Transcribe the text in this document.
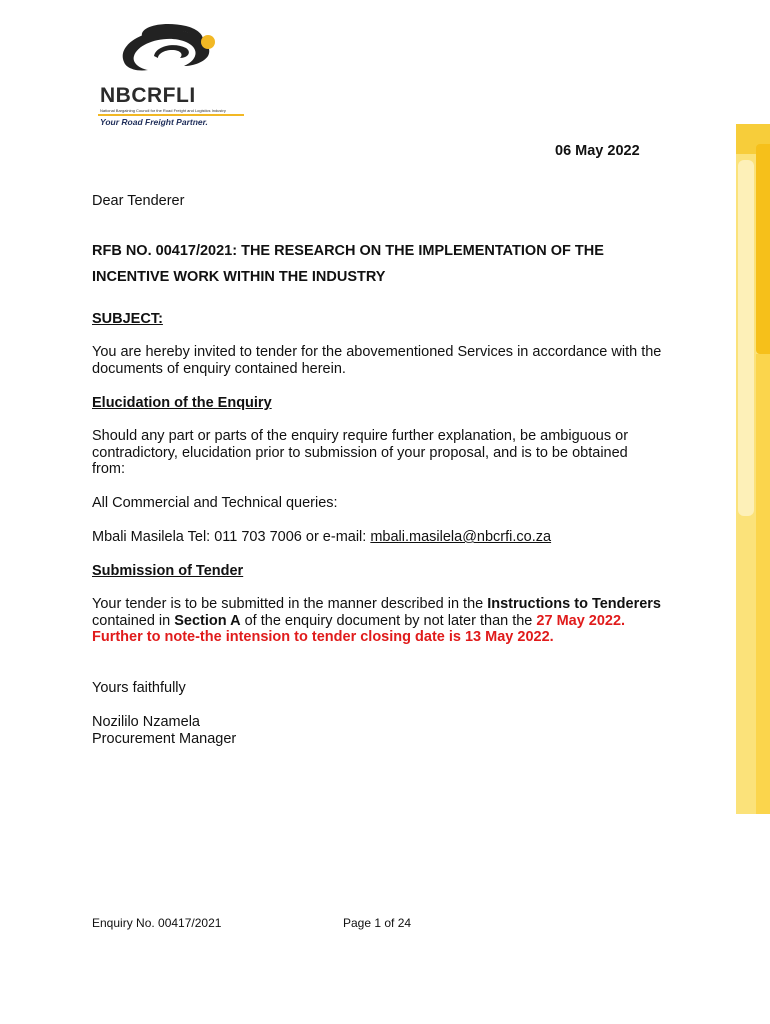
NBCRFLI
National Bargaining Council for the Road Freight and Logistics Industry
Your Road Freight Partner.

06 May 2022

Dear Tenderer

RFB NO. 00417/2021: THE RESEARCH ON THE IMPLEMENTATION OF THE

INCENTIVE WORK WITHIN THE INDUSTRY

SUBJECT:

You are hereby invited to tender for the abovementioned Services in accordance with the
documents of enquiry contained herein.

Elucidation of the Enquiry

Should any part or parts of the enquiry require further explanation, be ambiguous or
contradictory, elucidation prior to submission of your proposal, and is to be obtained
from:

All Commercial and Technical queries:

Mbali Masilela Tel: 011 703 7006 or e-mail: mbali.masilela@nbcrfi.co.za

Submission of Tender

Your tender is to be submitted in the manner described in the Instructions to Tenderers
contained in Section A of the enquiry document by not later than the 27 May 2022.
Further to note-the intension to tender closing date is 13 May 2022.

Yours faithfully

Nozililo Nzamela
Procurement Manager

Enquiry No. 00417/2021	Page 1 of 24
